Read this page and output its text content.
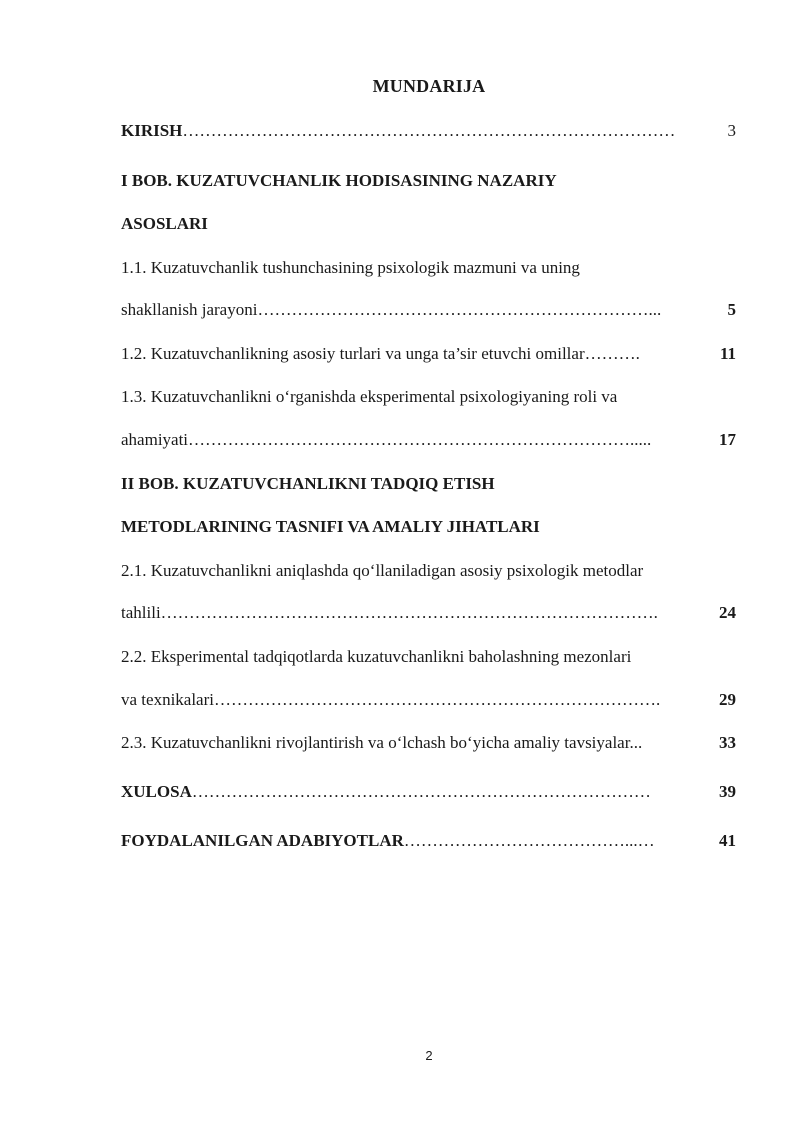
MUNDARIJA
KIRISH……………………………………………………………………………	3
I BOB. KUZATUVCHANLIK HODISASINING NAZARIY
ASOSLARI
1.1. Kuzatuvchanlik tushunchasining psixologik mazmuni va uning
shakllanish jarayoni……………………………………………………………...	5
1.2. Kuzatuvchanlikning asosiy turlari va unga ta’sir etuvchi omillar……….	11
1.3. Kuzatuvchanlikni o‘rganishda eksperimental psixologiyaning roli va
ahamiyati…………………………………………………………………….....	17
II BOB. KUZATUVCHANLIKNI TADQIQ ETISH
METODLARINING TASNIFI VA AMALIY JIHATLARI
2.1. Kuzatuvchanlikni aniqlashda qo‘llaniladigan asosiy psixologik metodlar
tahlili…………………………………………………………………………….	24
2.2. Eksperimental tadqiqotlarda kuzatuvchanlikni baholashning mezonlari
va texnikalari…………………………………………………………………….	29
2.3. Kuzatuvchanlikni rivojlantirish va o‘lchash bo‘yicha amaliy tavsiyalar...	33
XULOSA………………………………………………………………………	39
FOYDALANILGAN ADABIYOTLAR…………………………………...…	41
2
